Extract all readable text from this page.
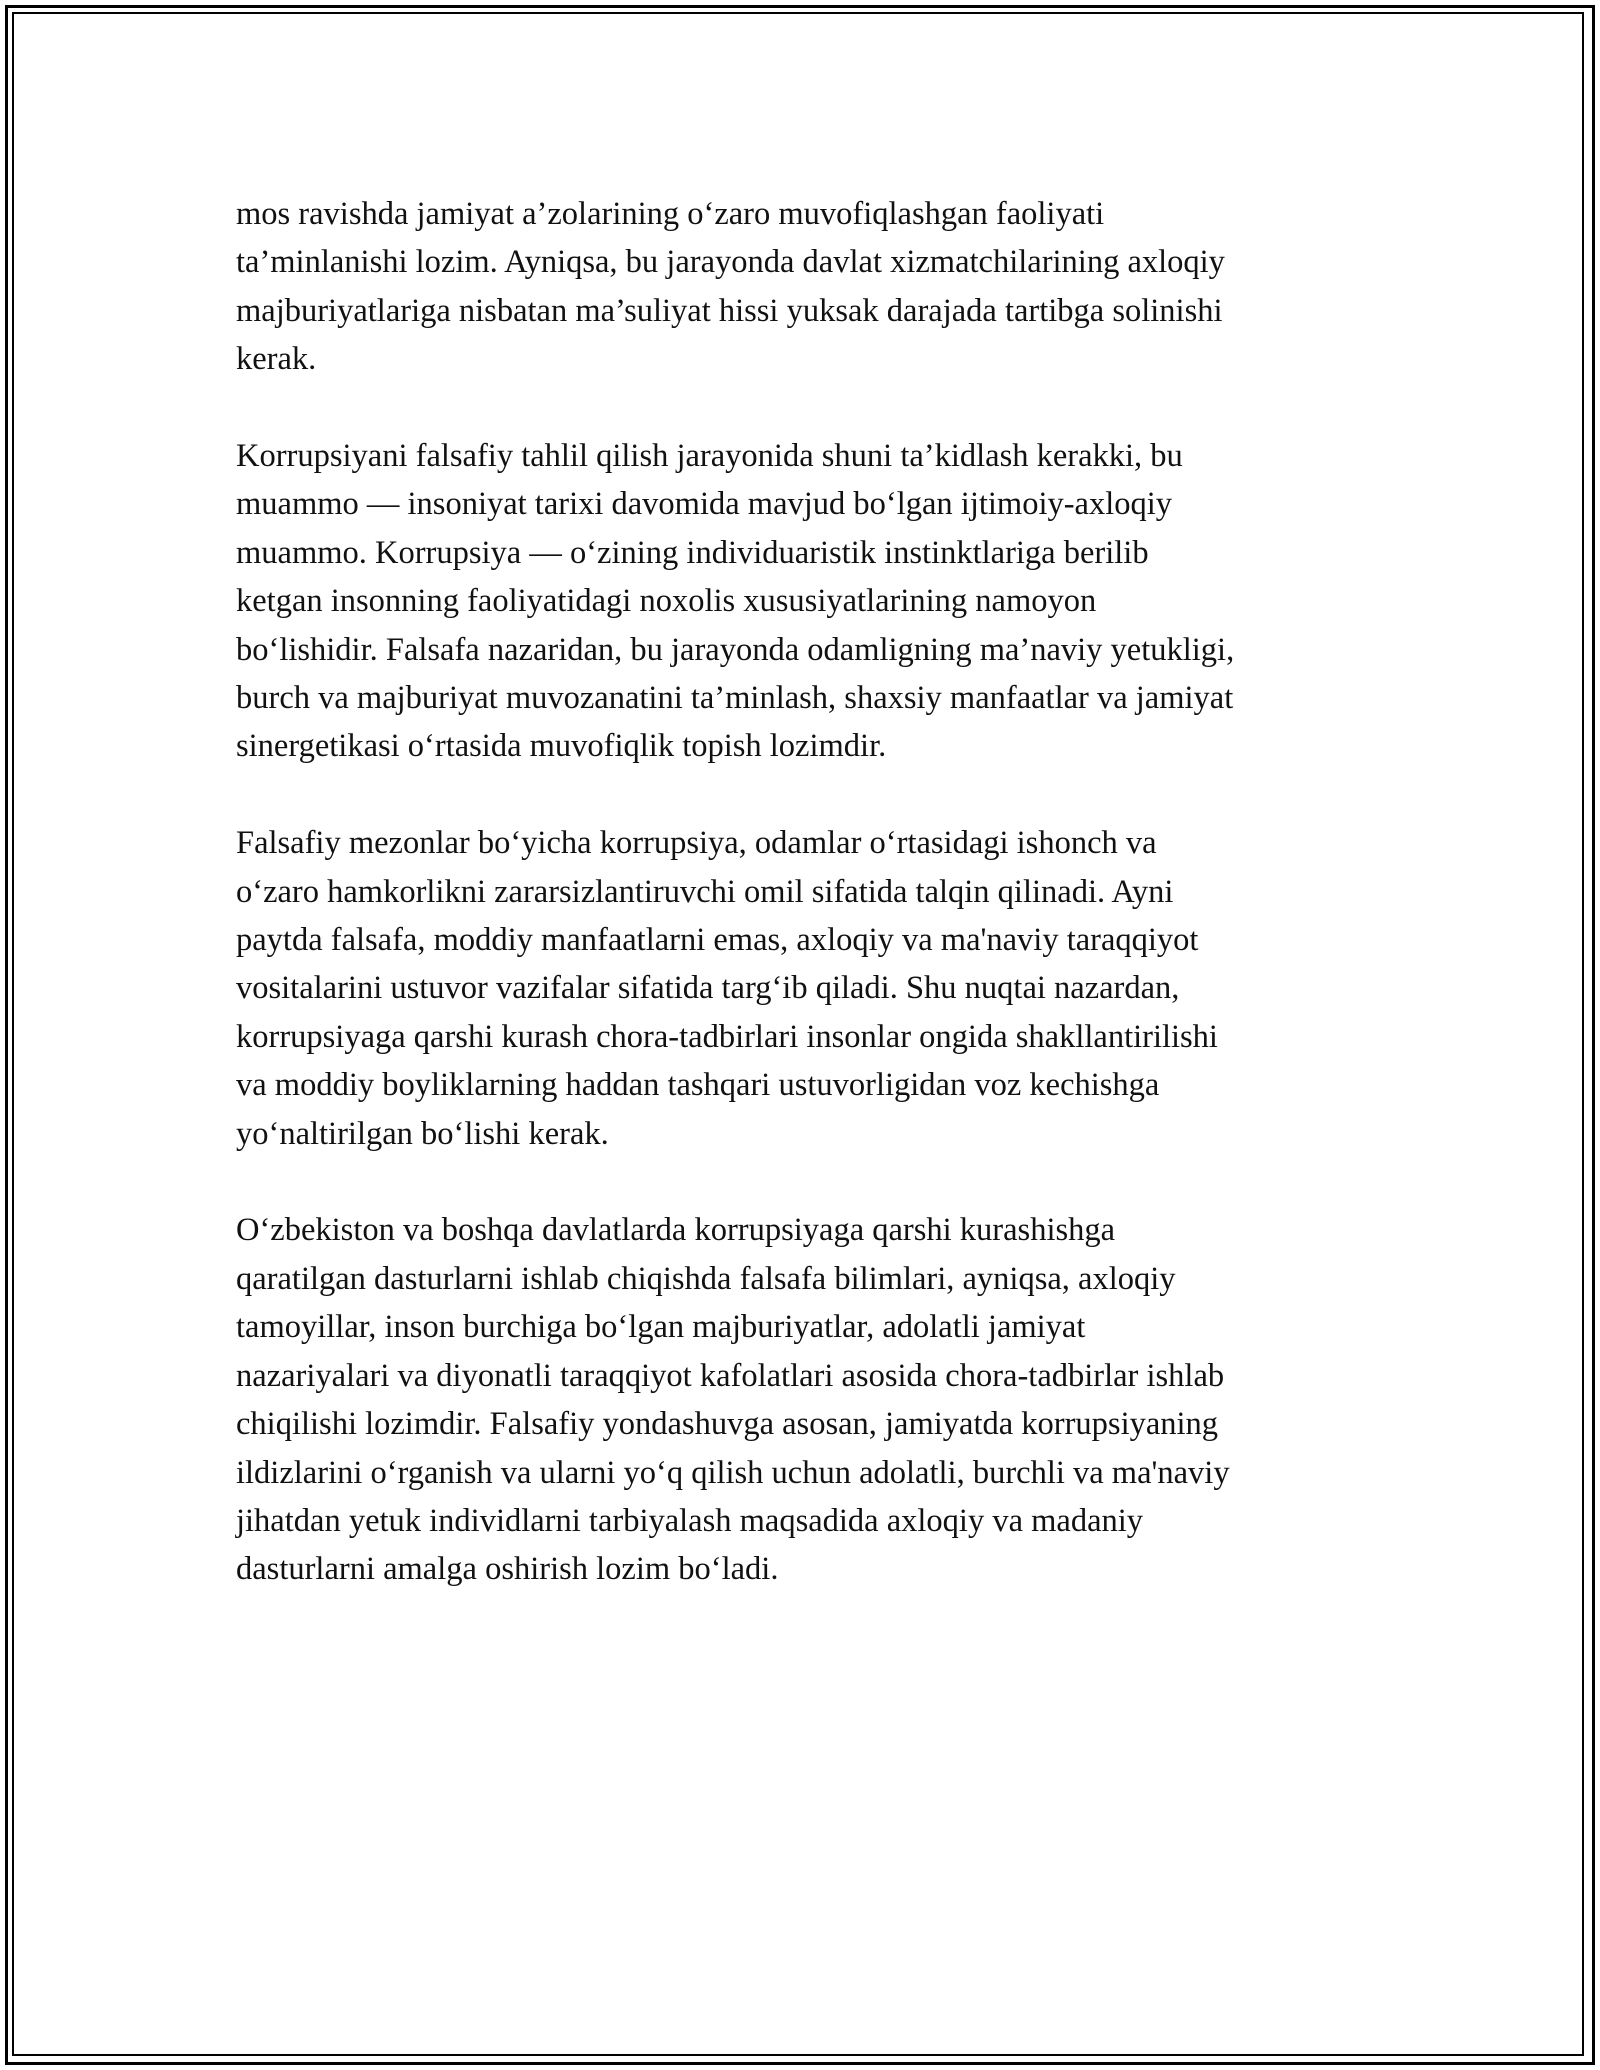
mos ravishda jamiyat a’zolarining o‘zaro muvofiqlashgan faoliyati
ta’minlanishi lozim. Ayniqsa, bu jarayonda davlat xizmatchilarining axloqiy
majburiyatlariga nisbatan ma’suliyat hissi yuksak darajada tartibga solinishi
kerak.

Korrupsiyani falsafiy tahlil qilish jarayonida shuni ta’kidlash kerakki, bu
muammo — insoniyat tarixi davomida mavjud bo‘lgan ijtimoiy-axloqiy
muammo. Korrupsiya — o‘zining individuaristik instinktlariga berilib
ketgan insonning faoliyatidagi noxolis xususiyatlarining namoyon
bo‘lishidir. Falsafa nazaridan, bu jarayonda odamligning ma’naviy yetukligi,
burch va majburiyat muvozanatini ta’minlash, shaxsiy manfaatlar va jamiyat
sinergetikasi o‘rtasida muvofiqlik topish lozimdir.

Falsafiy mezonlar bo‘yicha korrupsiya, odamlar o‘rtasidagi ishonch va
o‘zaro hamkorlikni zararsizlantiruvchi omil sifatida talqin qilinadi. Ayni
paytda falsafa, moddiy manfaatlarni emas, axloqiy va ma'naviy taraqqiyot
vositalarini ustuvor vazifalar sifatida targ‘ib qiladi. Shu nuqtai nazardan,
korrupsiyaga qarshi kurash chora-tadbirlari insonlar ongida shakllantirilishi
va moddiy boyliklarning haddan tashqari ustuvorligidan voz kechishga
yo‘naltirilgan bo‘lishi kerak.

O‘zbekiston va boshqa davlatlarda korrupsiyaga qarshi kurashishga
qaratilgan dasturlarni ishlab chiqishda falsafa bilimlari, ayniqsa, axloqiy
tamoyillar, inson burchiga bo‘lgan majburiyatlar, adolatli jamiyat
nazariyalari va diyonatli taraqqiyot kafolatlari asosida chora-tadbirlar ishlab
chiqilishi lozimdir. Falsafiy yondashuvga asosan, jamiyatda korrupsiyaning
ildizlarini o‘rganish va ularni yo‘q qilish uchun adolatli, burchli va ma'naviy
jihatdan yetuk individlarni tarbiyalash maqsadida axloqiy va madaniy
dasturlarni amalga oshirish lozim bo‘ladi.
